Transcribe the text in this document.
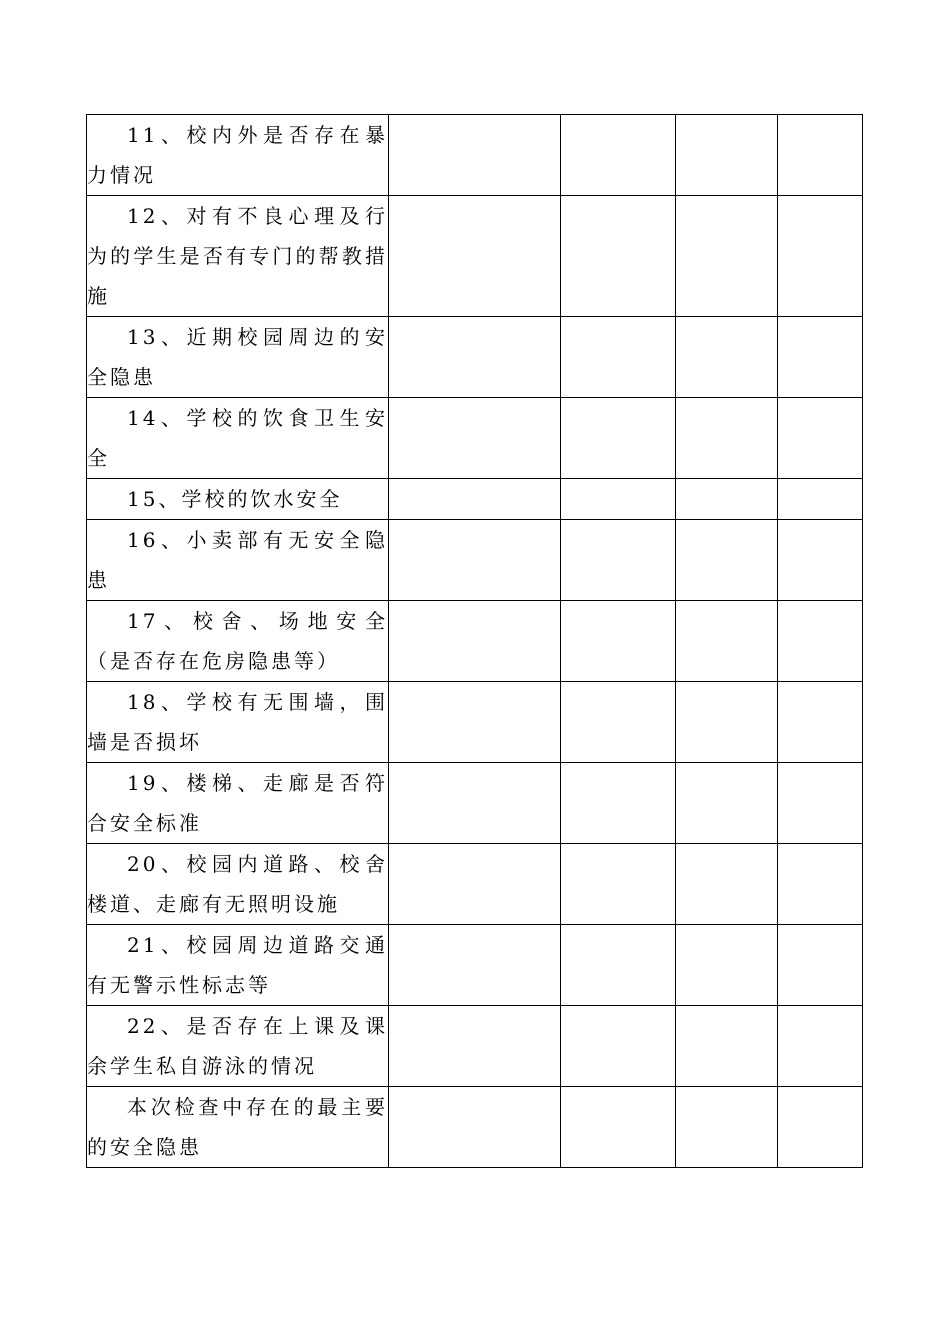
11、校内外是否存在暴力情况				

12、对有不良心理及行为的学生是否有专门的帮教措施				

13、近期校园周边的安全隐患				

14、学校的饮食卫生安全				

15、学校的饮水安全				

16、小卖部有无安全隐患				

17、校舍、场地安全（是否存在危房隐患等）				

18、学校有无围墙，围墙是否损坏				

19、楼梯、走廊是否符合安全标准				

20、校园内道路、校舍楼道、走廊有无照明设施				

21、校园周边道路交通有无警示性标志等				

22、是否存在上课及课余学生私自游泳的情况				

本次检查中存在的最主要的安全隐患				
